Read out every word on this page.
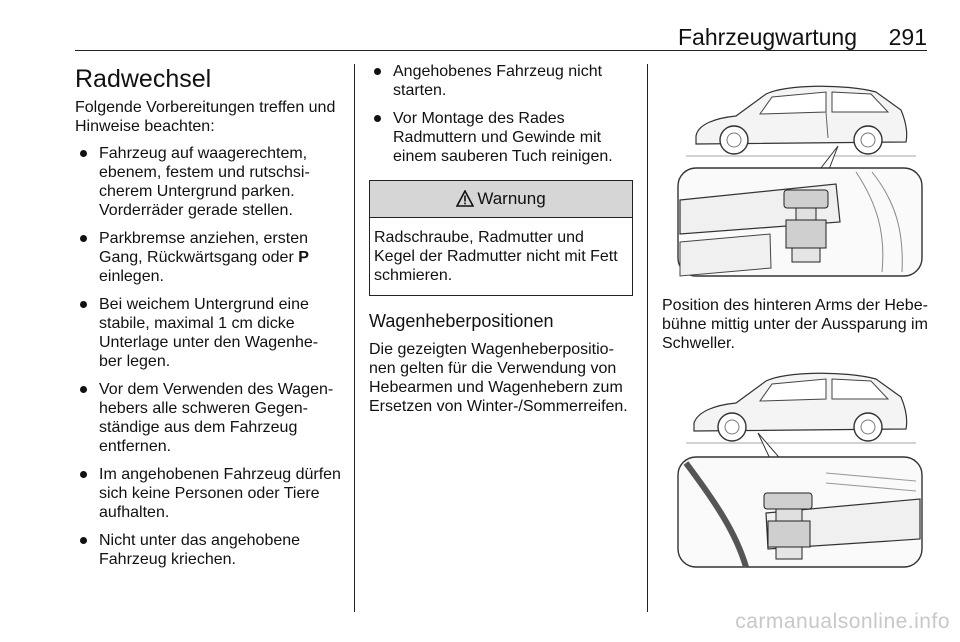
Fahrzeugwartung 291
Radwechsel

Folgende Vorbereitungen treffen und Hinweise beachten:

Fahrzeug auf waagerechtem, ebenem, festem und rutschsi- cherem Untergrund parken. Vorderräder gerade stellen.
Parkbremse anziehen, ersten Gang, Rückwärtsgang oder P einlegen.
Bei weichem Untergrund eine stabile, maximal 1 cm dicke Unterlage unter den Wagenhe- ber legen.
Vor dem Verwenden des Wagen- hebers alle schweren Gegen- ständige aus dem Fahrzeug entfernen.
Im angehobenen Fahrzeug dürfen sich keine Personen oder Tiere aufhalten.
Nicht unter das angehobene Fahrzeug kriechen.
Angehobenes Fahrzeug nicht starten.
Vor Montage des Rades Radmuttern und Gewinde mit einem sauberen Tuch reinigen.
Warnung
Radschraube, Radmutter und Kegel der Radmutter nicht mit Fett schmieren.
Wagenheberpositionen

Die gezeigten Wagenheberpositio- nen gelten für die Verwendung von Hebearmen und Wagenhebern zum Ersetzen von Winter-/Sommerreifen.

Position des hinteren Arms der Hebe- bühne mittig unter der Aussparung im Schweller.

carmanualsonline.info
